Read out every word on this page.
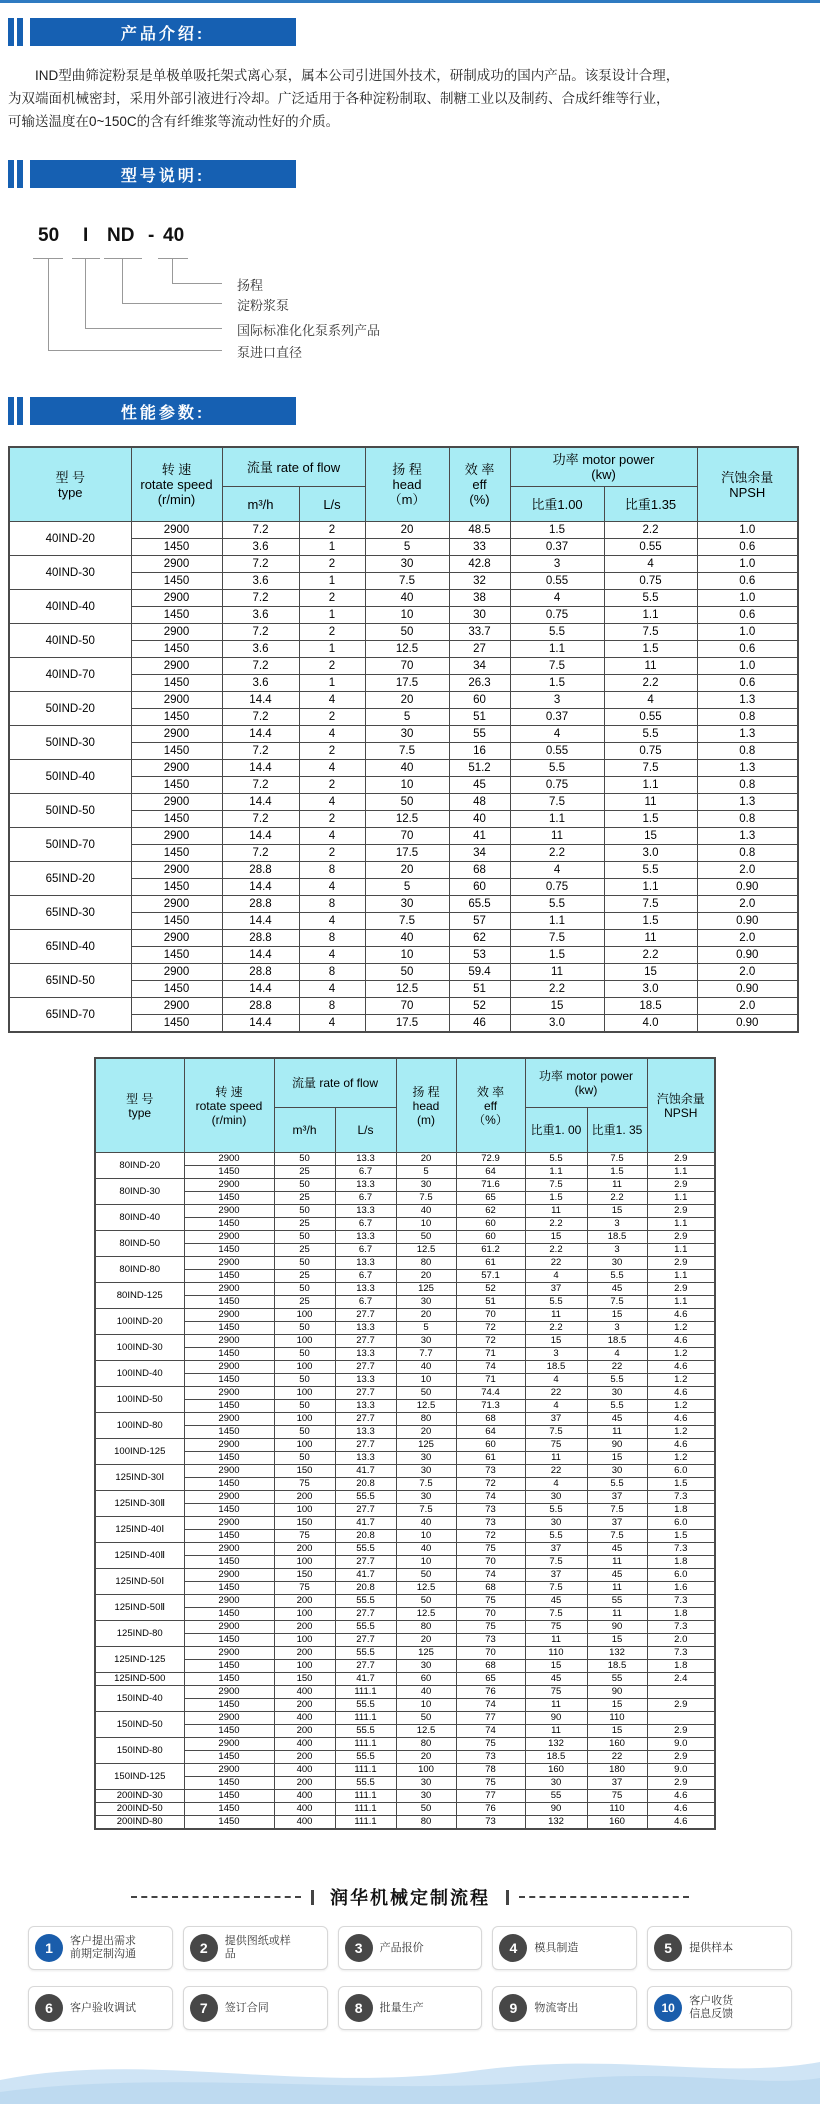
产品介绍:
IND型曲筛淀粉泵是单极单吸托架式离心泵，属本公司引进国外技术，研制成功的国内产品。该泵设计合理，
为双端面机械密封，采用外部引液进行冷却。广泛适用于各种淀粉制取、制糖工业以及制药、合成纤维等行业，
可输送温度在0~150C的含有纤维浆等流动性好的介质。
型号说明:
50 I ND - 40
扬程
淀粉浆泵
国际标准化化泵系列产品
泵进口直径
性能参数:
型 号
type

转 速
rotate speed
(r/min)
	流量 rate of flow	扬 程
head
（m）

效 率
eff
(%)

功率 motor power
(kw)	汽蚀余量
NPSH

		m³/h	L/s			比重1.00	比重1.35	
40IND-20	2900	7.2	2	20	48.5	1.5	2.2	1.0
	1450	3.6	1	5	33	0.37	0.55	0.6
40IND-30	2900	7.2	2	30	42.8	3	4	1.0
	1450	3.6	1	7.5	32	0.55	0.75	0.6
40IND-40	2900	7.2	2	40	38	4	5.5	1.0
	1450	3.6	1	10	30	0.75	1.1	0.6
40IND-50	2900	7.2	2	50	33.7	5.5	7.5	1.0
	1450	3.6	1	12.5	27	1.1	1.5	0.6
40IND-70	2900	7.2	2	70	34	7.5	11	1.0
	1450	3.6	1	17.5	26.3	1.5	2.2	0.6
50IND-20	2900	14.4	4	20	60	3	4	1.3
	1450	7.2	2	5	51	0.37	0.55	0.8
50IND-30	2900	14.4	4	30	55	4	5.5	1.3
	1450	7.2	2	7.5	16	0.55	0.75	0.8
50IND-40	2900	14.4	4	40	51.2	5.5	7.5	1.3
	1450	7.2	2	10	45	0.75	1.1	0.8
50IND-50	2900	14.4	4	50	48	7.5	11	1.3
	1450	7.2	2	12.5	40	1.1	1.5	0.8
50IND-70	2900	14.4	4	70	41	11	15	1.3
	1450	7.2	2	17.5	34	2.2	3.0	0.8
65IND-20	2900	28.8	8	20	68	4	5.5	2.0
	1450	14.4	4	5	60	0.75	1.1	0.90
65IND-30	2900	28.8	8	30	65.5	5.5	7.5	2.0
	1450	14.4	4	7.5	57	1.1	1.5	0.90
65IND-40	2900	28.8	8	40	62	7.5	11	2.0
	1450	14.4	4	10	53	1.5	2.2	0.90
65IND-50	2900	28.8	8	50	59.4	11	15	2.0
	1450	14.4	4	12.5	51	2.2	3.0	0.90
65IND-70	2900	28.8	8	70	52	15	18.5	2.0
	1450	14.4	4	17.5	46	3.0	4.0	0.90
型 号
type

转 速
rotate speed
(r/min)
	流量 rate of flow	
扬 程
head
(m)

效 率
eff
（%）

功率 motor power
(kw)

汽蚀余量
NPSH

		m³/h	L/s			比重1. 00	比重1. 35	
80IND-20	2900	50	13.3	20	72.9	5.5	7.5	2.9
	1450	25	6.7	5	64	1.1	1.5	1.1
80IND-30	2900	50	13.3	30	71.6	7.5	11	2.9
	1450	25	6.7	7.5	65	1.5	2.2	1.1
80IND-40	2900	50	13.3	40	62	11	15	2.9
	1450	25	6.7	10	60	2.2	3	1.1
80IND-50	2900	50	13.3	50	60	15	18.5	2.9
	1450	25	6.7	12.5	61.2	2.2	3	1.1
80IND-80	2900	50	13.3	80	61	22	30	2.9
	1450	25	6.7	20	57.1	4	5.5	1.1
80IND-125	2900	50	13.3	125	52	37	45	2.9
	1450	25	6.7	30	51	5.5	7.5	1.1
100IND-20	2900	100	27.7	20	70	11	15	4.6
	1450	50	13.3	5	72	2.2	3	1.2
100IND-30	2900	100	27.7	30	72	15	18.5	4.6
	1450	50	13.3	7.7	71	3	4	1.2
100IND-40	2900	100	27.7	40	74	18.5	22	4.6
	1450	50	13.3	10	71	4	5.5	1.2
100IND-50	2900	100	27.7	50	74.4	22	30	4.6
	1450	50	13.3	12.5	71.3	4	5.5	1.2
100IND-80	2900	100	27.7	80	68	37	45	4.6
	1450	50	13.3	20	64	7.5	11	1.2
100IND-125	2900	100	27.7	125	60	75	90	4.6
	1450	50	13.3	30	61	11	15	1.2
125IND-30Ⅰ	2900	150	41.7	30	73	22	30	6.0
	1450	75	20.8	7.5	72	4	5.5	1.5
125IND-30Ⅱ	2900	200	55.5	30	74	30	37	7.3
	1450	100	27.7	7.5	73	5.5	7.5	1.8
125IND-40Ⅰ	2900	150	41.7	40	73	30	37	6.0
	1450	75	20.8	10	72	5.5	7.5	1.5
125IND-40Ⅱ	2900	200	55.5	40	75	37	45	7.3
	1450	100	27.7	10	70	7.5	11	1.8
125IND-50Ⅰ	2900	150	41.7	50	74	37	45	6.0
	1450	75	20.8	12.5	68	7.5	11	1.6
125IND-50Ⅱ	2900	200	55.5	50	75	45	55	7.3
	1450	100	27.7	12.5	70	7.5	11	1.8
125IND-80	2900	200	55.5	80	75	75	90	7.3
	1450	100	27.7	20	73	11	15	2.0
125IND-125	2900	200	55.5	125	70	110	132	7.3
	1450	100	27.7	30	68	15	18.5	1.8
125IND-500	1450	150	41.7	60	65	45	55	2.4
150IND-40	2900	400	111.1	40	76	75	90	
	1450	200	55.5	10	74	11	15	2.9
150IND-50	2900	400	111.1	50	77	90	110	
	1450	200	55.5	12.5	74	11	15	2.9
150IND-80	2900	400	111.1	80	75	132	160	9.0
	1450	200	55.5	20	73	18.5	22	2.9
150IND-125	2900	400	111.1	100	78	160	180	9.0
	1450	200	55.5	30	75	30	37	2.9
200IND-30	1450	400	111.1	30	77	55	75	4.6
200IND-50	1450	400	111.1	50	76	90	110	4.6
200IND-80	1450	400	111.1	80	73	132	160	4.6
润华机械定制流程
1	客户提出需求
前期定制沟通	2	提供图纸或样
品	3	产品报价	4	模具制造	5	提供样本
6	客户验收调试	7	签订合同	8	批量生产	9	物流寄出	10	客户收货
信息反馈
